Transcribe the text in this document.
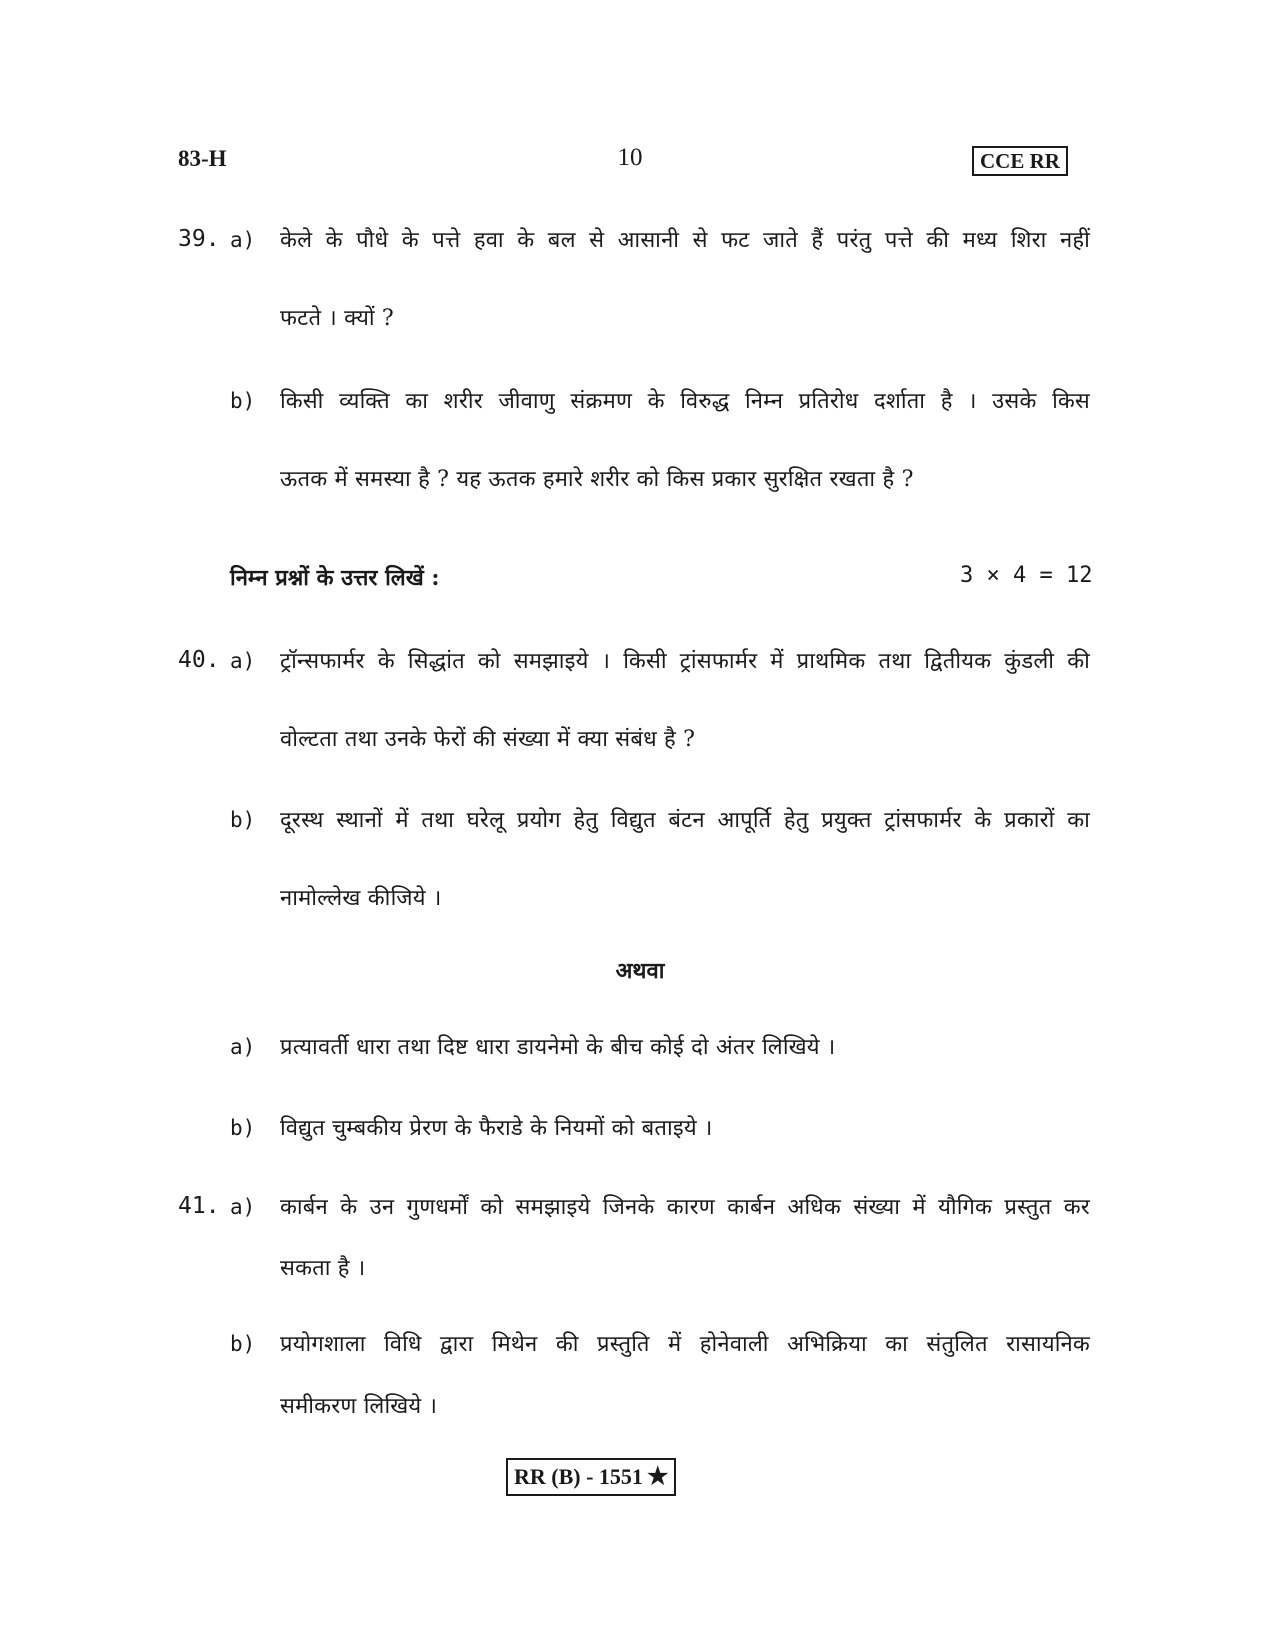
83-H	10	CCE RR
39. a) केले के पौधे के पत्ते हवा के बल से आसानी से फट जाते हैं परंतु पत्ते की मध्य शिरा नहीं
फटते । क्यों ?
b) किसी व्यक्ति का शरीर जीवाणु संक्रमण के विरुद्ध निम्न प्रतिरोध दर्शाता है । उसके किस
ऊतक में समस्या है ? यह ऊतक हमारे शरीर को किस प्रकार सुरक्षित रखता है ?
निम्न प्रश्नों के उत्तर लिखें :	3 × 4 = 12
40. a) ट्रॉन्सफार्मर के सिद्धांत को समझाइये । किसी ट्रांसफार्मर में प्राथमिक तथा द्वितीयक कुंडली की
वोल्टता तथा उनके फेरों की संख्या में क्या संबंध है ?
b) दूरस्थ स्थानों में तथा घरेलू प्रयोग हेतु विद्युत बंटन आपूर्ति हेतु प्रयुक्त ट्रांसफार्मर के प्रकारों का
नामोल्लेख कीजिये ।
अथवा
a) प्रत्यावर्ती धारा तथा दिष्ट धारा डायनेमो के बीच कोई दो अंतर लिखिये ।
b) विद्युत चुम्बकीय प्रेरण के फैराडे के नियमों को बताइये ।
41. a) कार्बन के उन गुणधर्मों को समझाइये जिनके कारण कार्बन अधिक संख्या में यौगिक प्रस्तुत कर
सकता है ।
b) प्रयोगशाला विधि द्वारा मिथेन की प्रस्तुति में होनेवाली अभिक्रिया का संतुलित रासायनिक
समीकरण लिखिये ।
RR (B) - 1551 ★
